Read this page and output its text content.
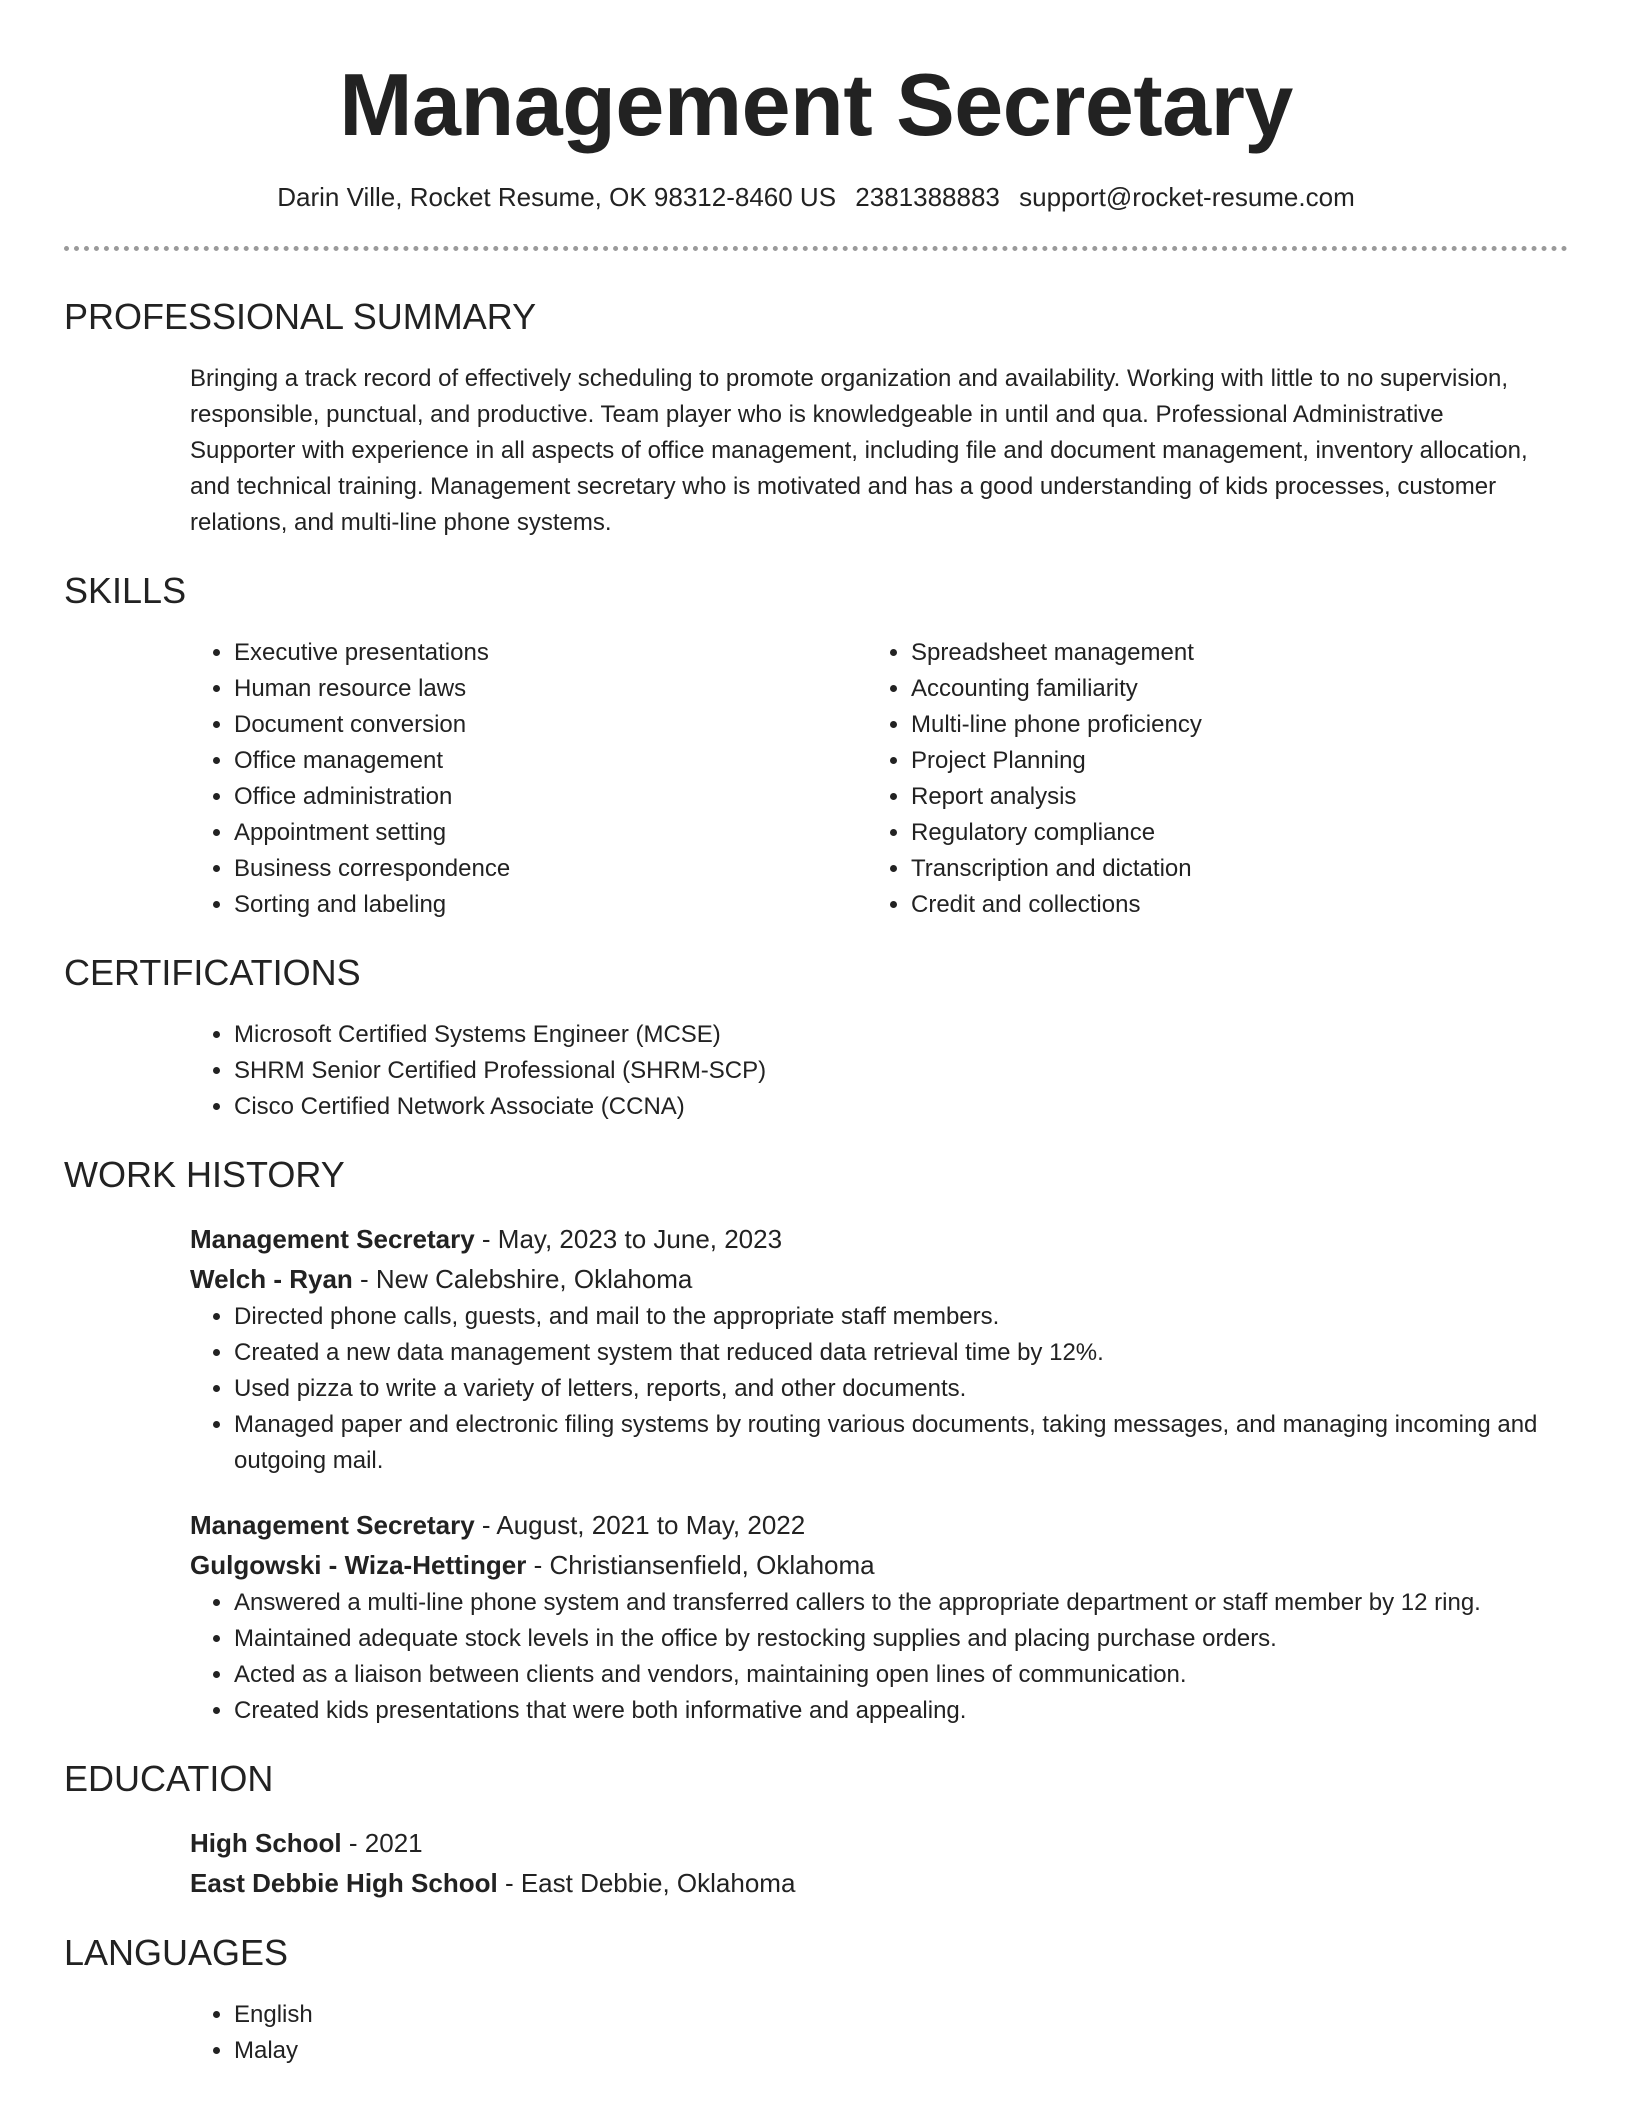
Management Secretary
Darin Ville, Rocket Resume, OK 98312-8460 US 2381388883 support@rocket-resume.com
PROFESSIONAL SUMMARY
Bringing a track record of effectively scheduling to promote organization and availability. Working with little to no supervision, responsible, punctual, and productive. Team player who is knowledgeable in until and qua. Professional Administrative Supporter with experience in all aspects of office management, including file and document management, inventory allocation, and technical training. Management secretary who is motivated and has a good understanding of kids processes, customer relations, and multi-line phone systems.
SKILLS
• Executive presentations
• Human resource laws
• Document conversion
• Office management
• Office administration
• Appointment setting
• Business correspondence
• Sorting and labeling
• Spreadsheet management
• Accounting familiarity
• Multi-line phone proficiency
• Project Planning
• Report analysis
• Regulatory compliance
• Transcription and dictation
• Credit and collections
CERTIFICATIONS
• Microsoft Certified Systems Engineer (MCSE)
• SHRM Senior Certified Professional (SHRM-SCP)
• Cisco Certified Network Associate (CCNA)
WORK HISTORY
Management Secretary - May, 2023 to June, 2023
Welch - Ryan - New Calebshire, Oklahoma
• Directed phone calls, guests, and mail to the appropriate staff members.
• Created a new data management system that reduced data retrieval time by 12%.
• Used pizza to write a variety of letters, reports, and other documents.
• Managed paper and electronic filing systems by routing various documents, taking messages, and managing incoming and outgoing mail.
Management Secretary - August, 2021 to May, 2022
Gulgowski - Wiza-Hettinger - Christiansenfield, Oklahoma
• Answered a multi-line phone system and transferred callers to the appropriate department or staff member by 12 ring.
• Maintained adequate stock levels in the office by restocking supplies and placing purchase orders.
• Acted as a liaison between clients and vendors, maintaining open lines of communication.
• Created kids presentations that were both informative and appealing.
EDUCATION
High School - 2021
East Debbie High School - East Debbie, Oklahoma
LANGUAGES
• English
• Malay
